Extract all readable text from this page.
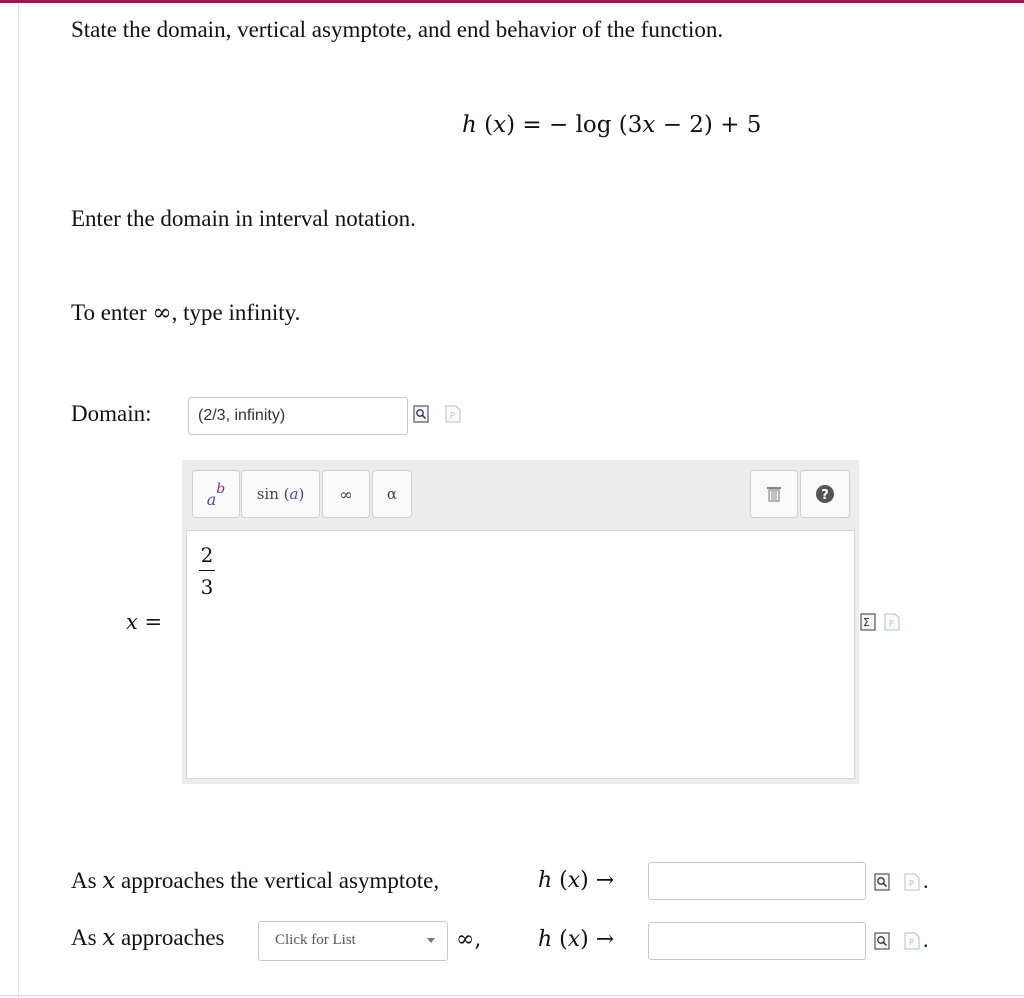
State the domain, vertical asymptote, and end behavior of the function.
h (x) = − log (3x − 2) + 5
Enter the domain in interval notation.
To enter ∞, type infinity.
Domain:	(2/3, infinity)	P
a
b sin ( a )	∞	α	?
2
3
x =	Σ P
As x approaches the vertical asymptote,	h (x) →	P .
As x approaches	Click for List	∞,	h (x) →	P .
